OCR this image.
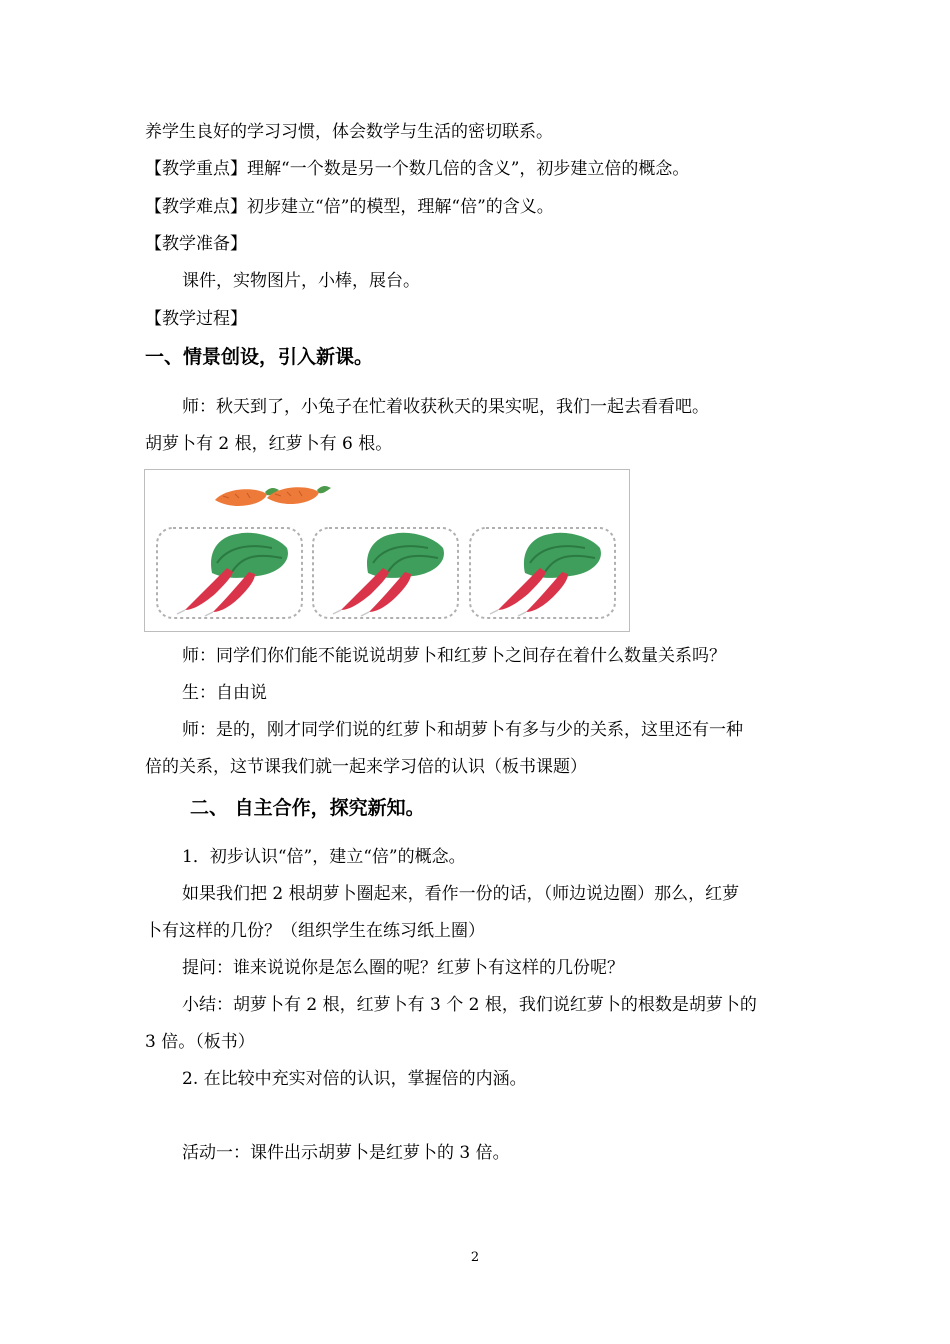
养学生良好的学习习惯，体会数学与生活的密切联系。
【教学重点】理解“一个数是另一个数几倍的含义”，初步建立倍的概念。
【教学难点】初步建立“倍”的模型，理解“倍”的含义。
【教学准备】
课件，实物图片，小棒，展台。
【教学过程】
一、情景创设，引入新课。
师：秋天到了，小兔子在忙着收获秋天的果实呢，我们一起去看看吧。
胡萝卜有 2 根，红萝卜有 6 根。
师：同学们你们能不能说说胡萝卜和红萝卜之间存在着什么数量关系吗？
生：自由说
师：是的，刚才同学们说的红萝卜和胡萝卜有多与少的关系，这里还有一种
倍的关系，这节课我们就一起来学习倍的认识（板书课题）
二、 自主合作，探究新知。
1．初步认识“倍”，建立“倍”的概念。
如果我们把 2 根胡萝卜圈起来，看作一份的话，（师边说边圈）那么，红萝
卜有这样的几份？（组织学生在练习纸上圈）
提问：谁来说说你是怎么圈的呢？红萝卜有这样的几份呢？
小结：胡萝卜有 2 根，红萝卜有 3 个 2 根，我们说红萝卜的根数是胡萝卜的
3 倍。（板书）
2. 在比较中充实对倍的认识，掌握倍的内涵。
活动一：课件出示胡萝卜是红萝卜的 3 倍。
2
